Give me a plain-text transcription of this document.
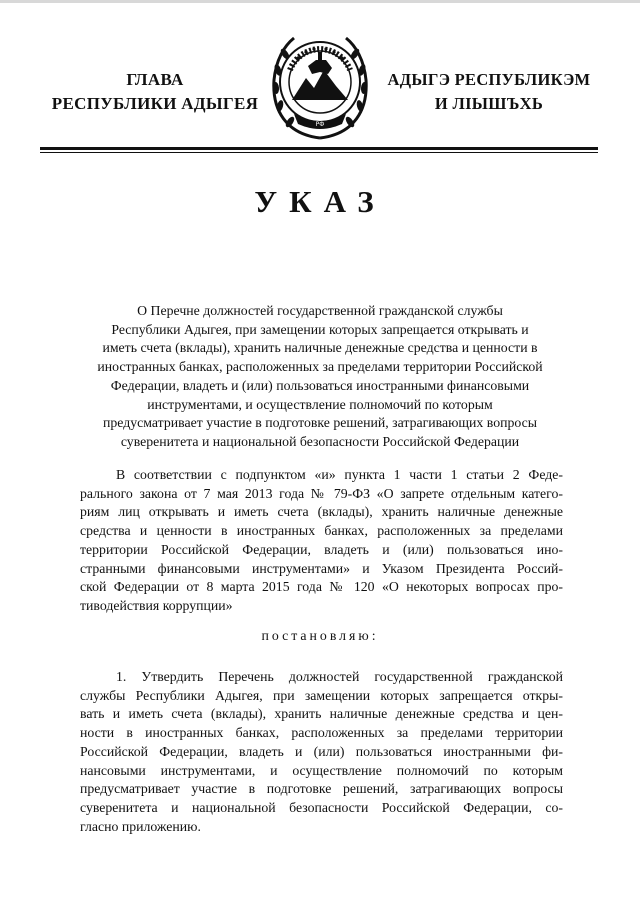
ГЛАВА
РЕСПУБЛИКИ АДЫГЕЯ
РФ
АДЫГЭ РЕСПУБЛИКЭМ
И ЛІЫШЪХЬ
УКАЗ
О Перечне должностей государственной гражданской службы
Республики Адыгея, при замещении которых запрещается открывать и
иметь счета (вклады), хранить наличные денежные средства и ценности в
иностранных банках, расположенных за пределами территории Российской
Федерации, владеть и (или) пользоваться иностранными финансовыми
инструментами, и осуществление полномочий по которым
предусматривает участие в подготовке решений, затрагивающих вопросы
суверенитета и национальной безопасности Российской Федерации
В соответствии с подпунктом «и» пункта 1 части 1 статьи 2 Феде-
рального закона от 7 мая 2013 года № 79-ФЗ «О запрете отдельным катего-
риям лиц открывать и иметь счета (вклады), хранить наличные денежные
средства и ценности в иностранных банках, расположенных за пределами
территории Российской Федерации, владеть и (или) пользоваться ино-
странными финансовыми инструментами» и Указом Президента Россий-
ской Федерации от 8 марта 2015 года № 120 «О некоторых вопросах про-
тиводействия коррупции»
постановляю:
1. Утвердить Перечень должностей государственной гражданской
службы Республики Адыгея, при замещении которых запрещается откры-
вать и иметь счета (вклады), хранить наличные денежные средства и цен-
ности в иностранных банках, расположенных за пределами территории
Российской Федерации, владеть и (или) пользоваться иностранными фи-
нансовыми инструментами, и осуществление полномочий по которым
предусматривает участие в подготовке решений, затрагивающих вопросы
суверенитета и национальной безопасности Российской Федерации, со-
гласно приложению.
